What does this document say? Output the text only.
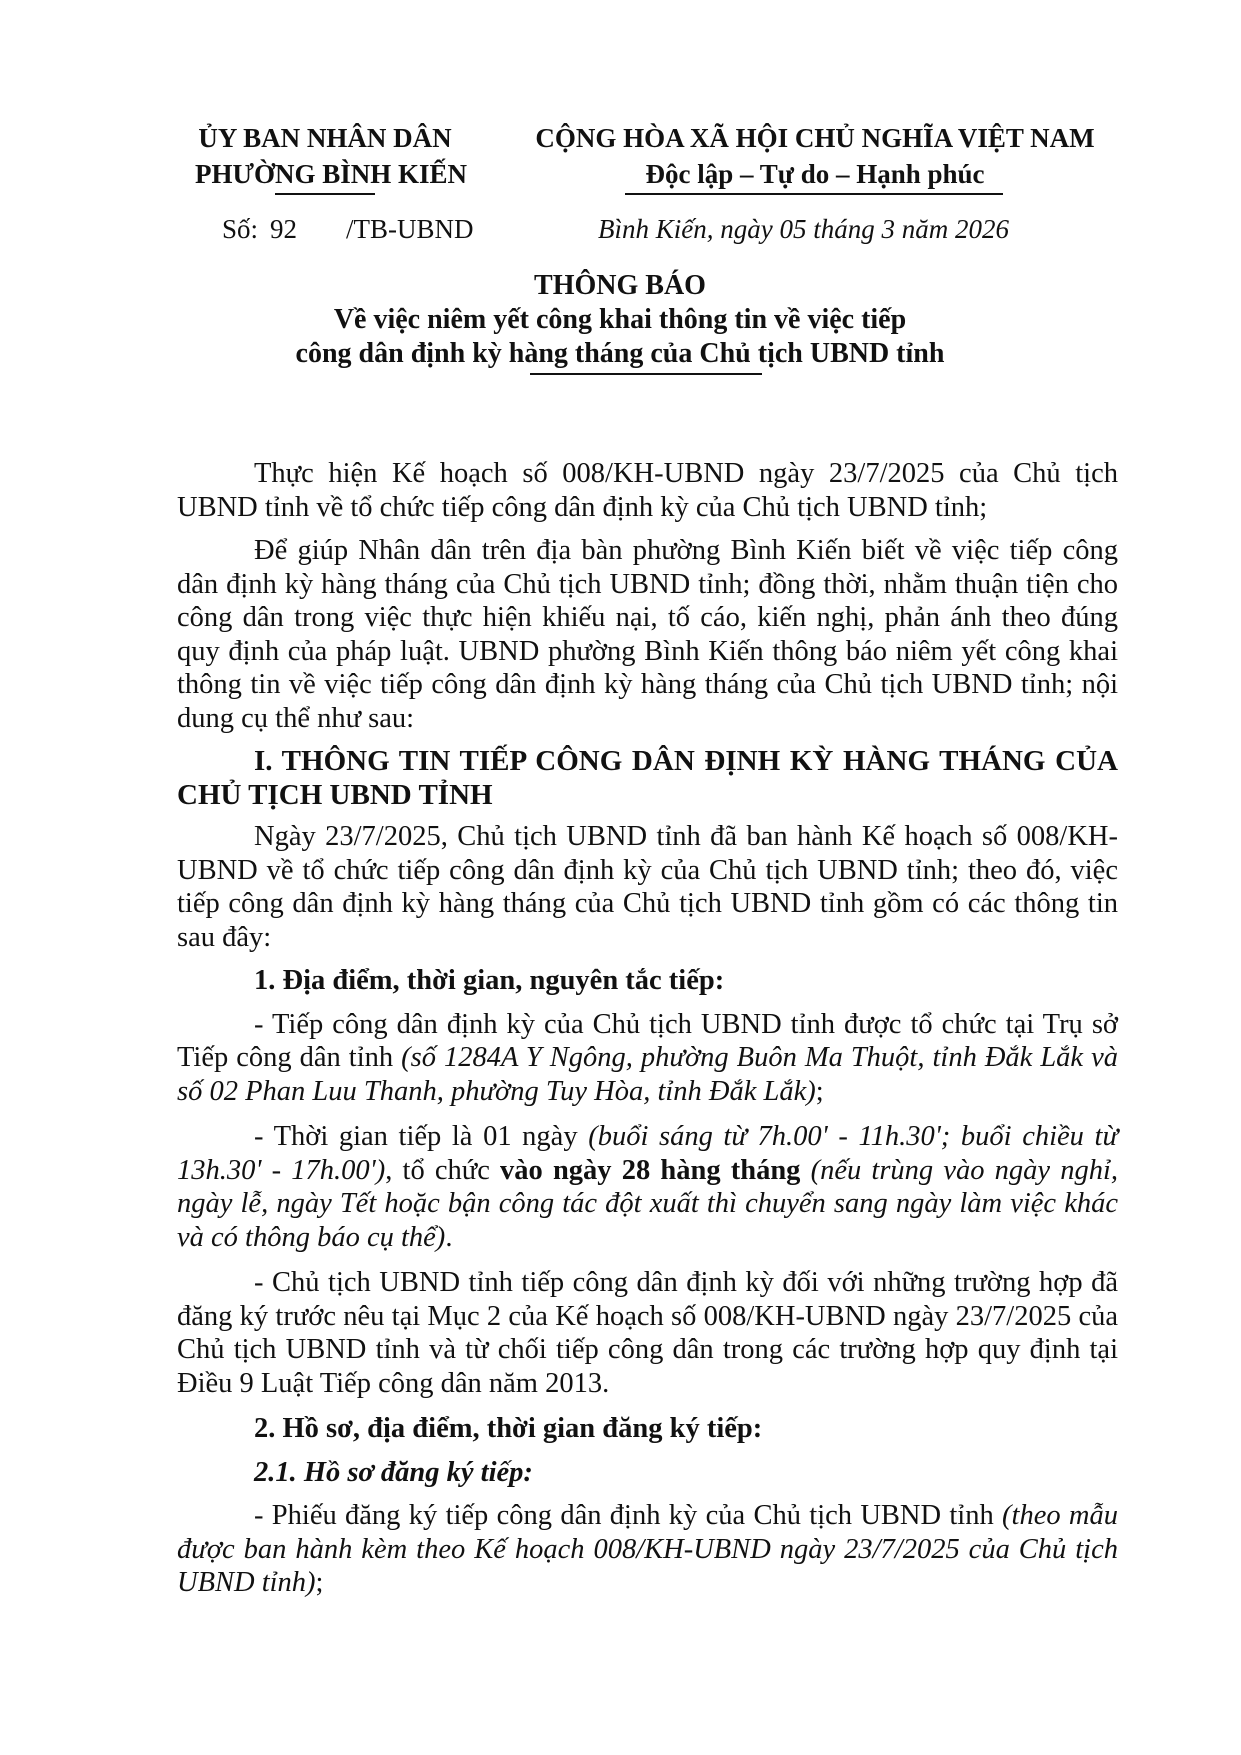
ỦY BAN NHÂN DÂN
PHƯỜNG BÌNH KIẾN
CỘNG HÒA XÃ HỘI CHỦ NGHĨA VIỆT NAM
Độc lập – Tự do – Hạnh phúc
Số: 92 /TB-UBND	Bình Kiến, ngày 05 tháng 3 năm 2026
THÔNG BÁO
Về việc niêm yết công khai thông tin về việc tiếp
công dân định kỳ hàng tháng của Chủ tịch UBND tỉnh

Thực hiện Kế hoạch số 008/KH-UBND ngày 23/7/2025 của Chủ tịch UBND tỉnh về tổ chức tiếp công dân định kỳ của Chủ tịch UBND tỉnh;

Để giúp Nhân dân trên địa bàn phường Bình Kiến biết về việc tiếp công dân định kỳ hàng tháng của Chủ tịch UBND tỉnh; đồng thời, nhằm thuận tiện cho công dân trong việc thực hiện khiếu nại, tố cáo, kiến nghị, phản ánh theo đúng quy định của pháp luật. UBND phường Bình Kiến thông báo niêm yết công khai thông tin về việc tiếp công dân định kỳ hàng tháng của Chủ tịch UBND tỉnh; nội dung cụ thể như sau:

I. THÔNG TIN TIẾP CÔNG DÂN ĐỊNH KỲ HÀNG THÁNG CỦA CHỦ TỊCH UBND TỈNH

Ngày 23/7/2025, Chủ tịch UBND tỉnh đã ban hành Kế hoạch số 008/KH-UBND về tổ chức tiếp công dân định kỳ của Chủ tịch UBND tỉnh; theo đó, việc tiếp công dân định kỳ hàng tháng của Chủ tịch UBND tỉnh gồm có các thông tin sau đây:

1. Địa điểm, thời gian, nguyên tắc tiếp:

- Tiếp công dân định kỳ của Chủ tịch UBND tỉnh được tổ chức tại Trụ sở Tiếp công dân tỉnh (số 1284A Y Ngông, phường Buôn Ma Thuột, tỉnh Đắk Lắk và số 02 Phan Luu Thanh, phường Tuy Hòa, tỉnh Đắk Lắk);

- Thời gian tiếp là 01 ngày (buổi sáng từ 7h.00' - 11h.30'; buổi chiều từ 13h.30' - 17h.00'), tổ chức vào ngày 28 hàng tháng (nếu trùng vào ngày nghỉ, ngày lễ, ngày Tết hoặc bận công tác đột xuất thì chuyển sang ngày làm việc khác và có thông báo cụ thể).

- Chủ tịch UBND tỉnh tiếp công dân định kỳ đối với những trường hợp đã đăng ký trước nêu tại Mục 2 của Kế hoạch số 008/KH-UBND ngày 23/7/2025 của Chủ tịch UBND tỉnh và từ chối tiếp công dân trong các trường hợp quy định tại Điều 9 Luật Tiếp công dân năm 2013.

2. Hồ sơ, địa điểm, thời gian đăng ký tiếp:

2.1. Hồ sơ đăng ký tiếp:

- Phiếu đăng ký tiếp công dân định kỳ của Chủ tịch UBND tỉnh (theo mẫu được ban hành kèm theo Kế hoạch 008/KH-UBND ngày 23/7/2025 của Chủ tịch UBND tỉnh);
